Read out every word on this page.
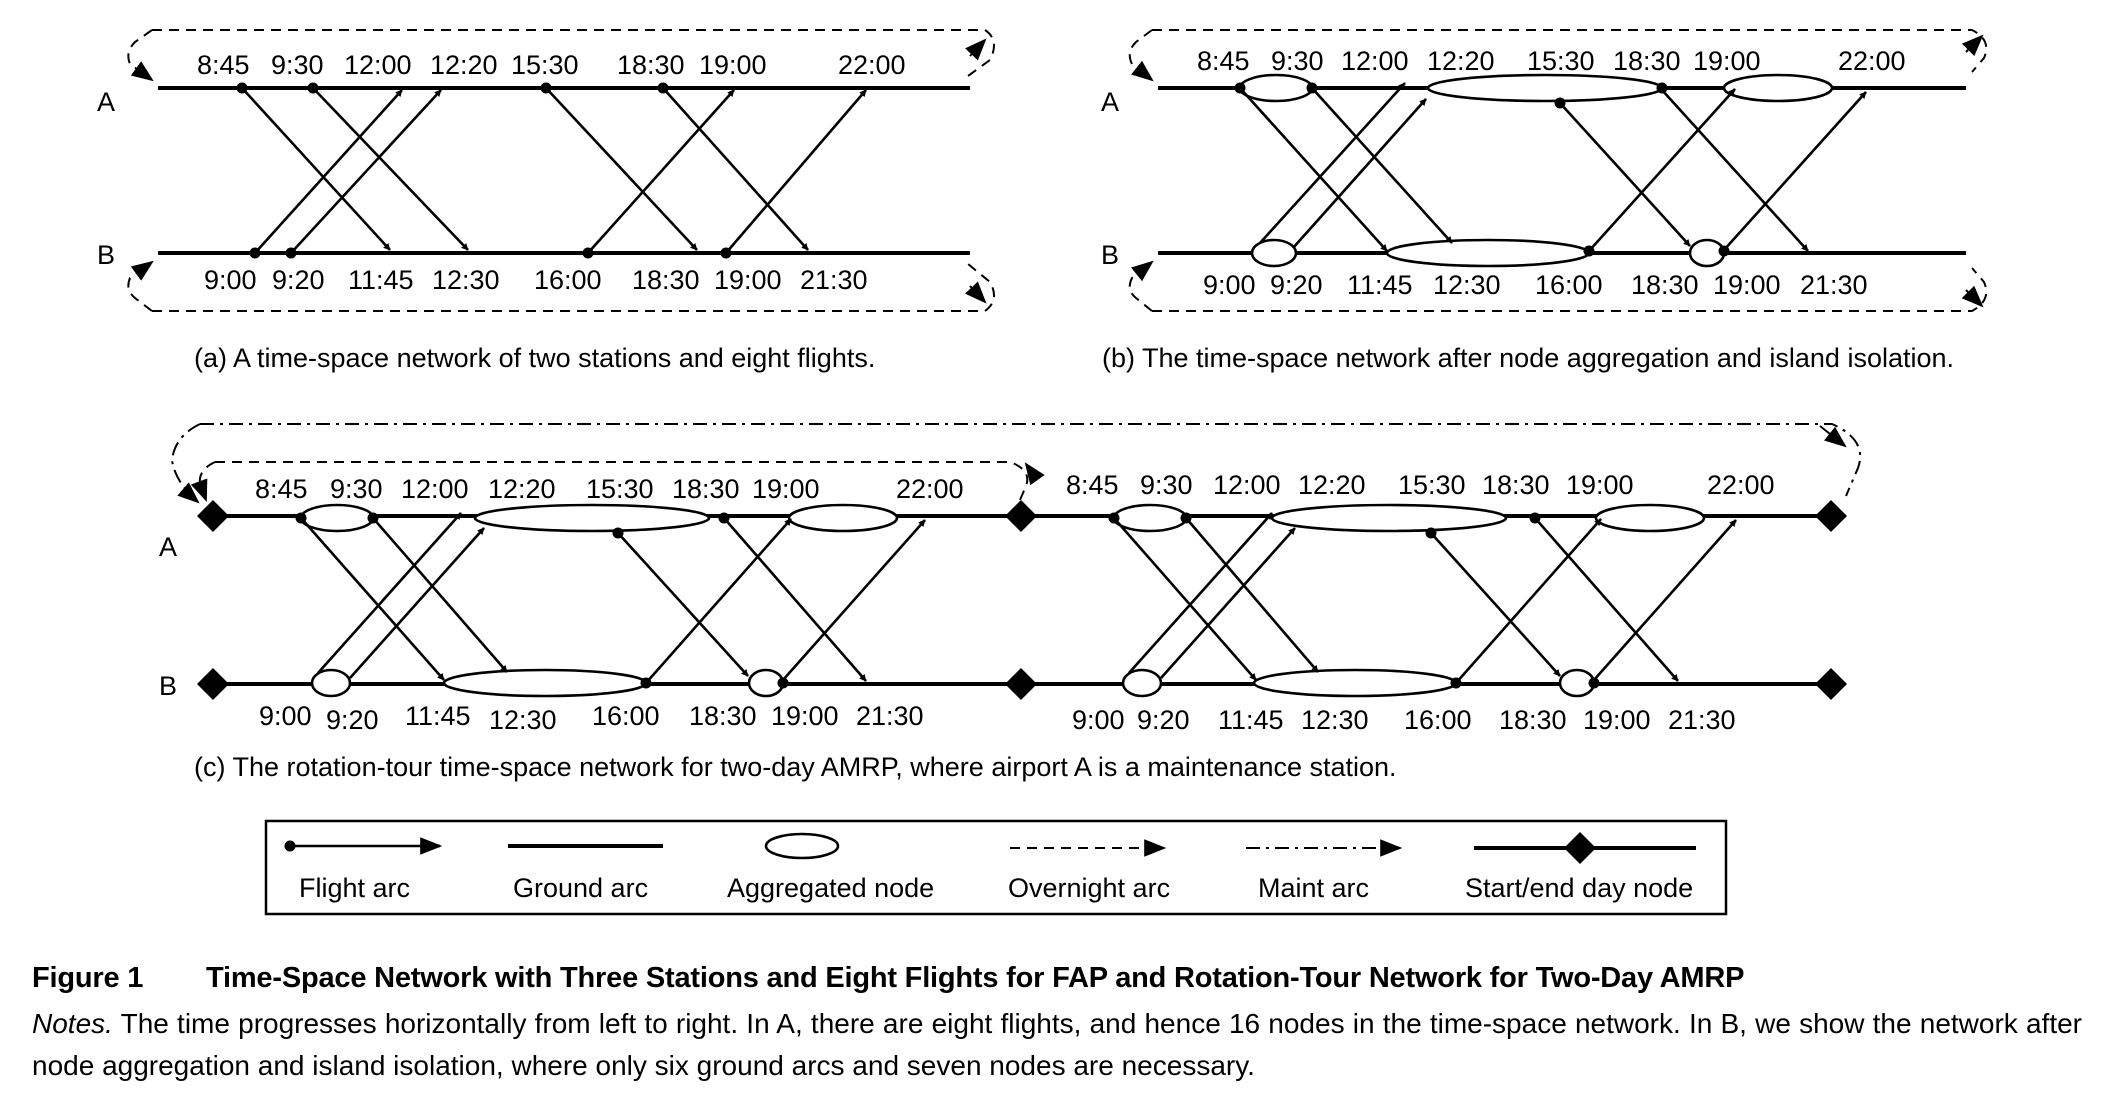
A
B
8:45 9:30 12:00 12:20 15:30 18:30 19:00	22:00
9:00 9:20 11:45 12:30 16:00 18:30 19:00 21:30
(a) A time-space network of two stations and eight flights.
A
B
8:45 9:30 12:00 12:20 15:30 18:30 19:00	22:00
9:00 9:20 11:45 12:30 16:00 18:30 19:00 21:30
(b) The time-space network after node aggregation and island isolation.
A
B
8:45 9:30 12:00 12:20 15:30 18:30 19:00	22:00
9:00 9:20 11:45 12:30 16:00 18:30 19:00 21:30
8:45 9:30 12:00 12:20 15:30 18:30 19:00	22:00
9:00 9:20 11:45 12:30 16:00 18:30 19:00 21:30
(c) The rotation-tour time-space network for two-day AMRP, where airport A is a maintenance station.
Flight arc	Ground arc	Aggregated node	Overnight arc	Maint arc	Start/end day node
Figure 1 Time-Space Network with Three Stations and Eight Flights for FAP and Rotation-Tour Network for Two-Day AMRP
Notes. The time progresses horizontally from left to right. In A, there are eight flights, and hence 16 nodes in the time-space network. In B, we show the network after node aggregation and island isolation, where only six ground arcs and seven nodes are necessary.
